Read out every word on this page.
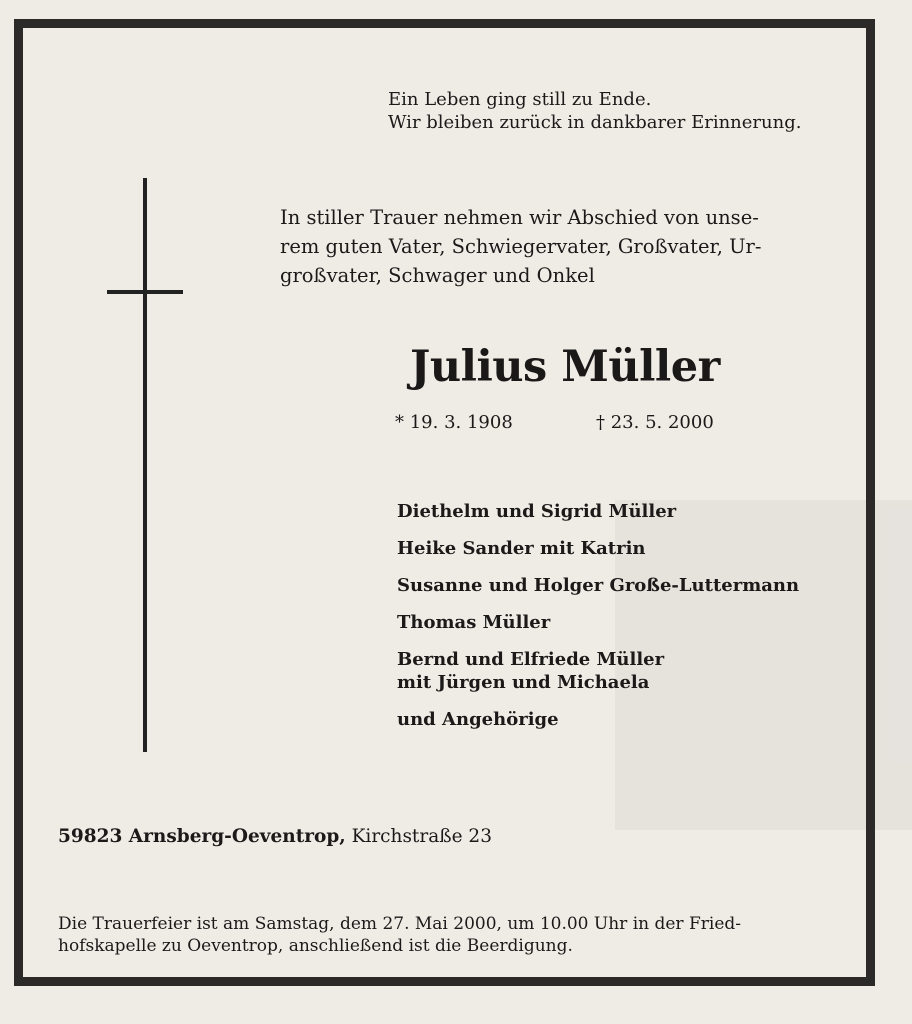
Ein Leben ging still zu Ende.
Wir bleiben zurück in dankbarer Erinnerung.
In stiller Trauer nehmen wir Abschied von unse-
rem guten Vater, Schwiegervater, Großvater, Ur-
großvater, Schwager und Onkel
Julius Müller
* 19. 3. 1908	† 23. 5. 2000
Diethelm und Sigrid Müller
Heike Sander mit Katrin
Susanne und Holger Große-Luttermann
Thomas Müller
Bernd und Elfriede Müller
mit Jürgen und Michaela
und Angehörige
59823 Arnsberg-Oeventrop, Kirchstraße 23
Die Trauerfeier ist am Samstag, dem 27. Mai 2000, um 10.00 Uhr in der Fried-
hofskapelle zu Oeventrop, anschließend ist die Beerdigung.
